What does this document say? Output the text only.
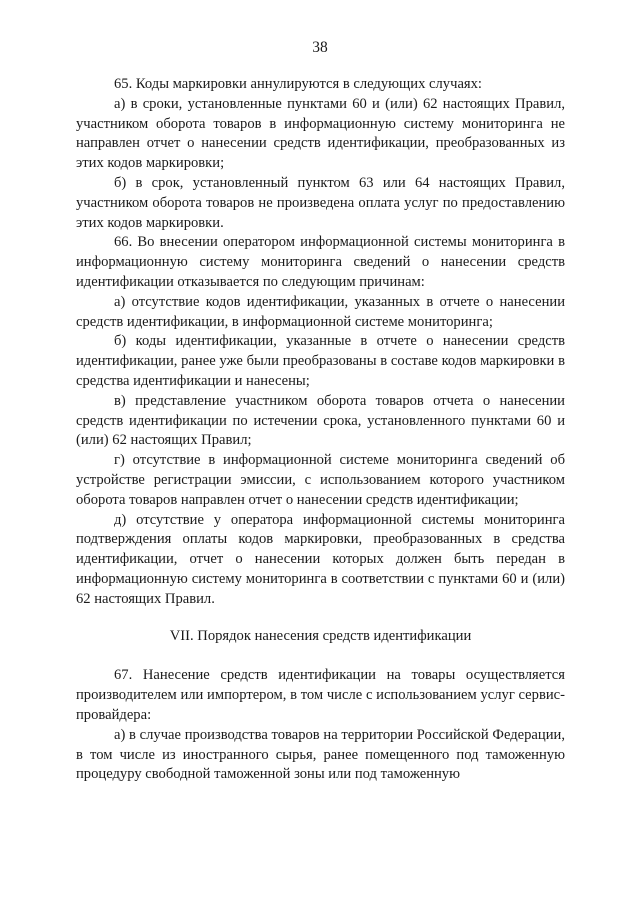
38

65. Коды маркировки аннулируются в следующих случаях:

а) в сроки, установленные пунктами 60 и (или) 62 настоящих Правил, участником оборота товаров в информационную систему мониторинга не направлен отчет о нанесении средств идентификации, преобразованных из этих кодов маркировки;

б) в срок, установленный пунктом 63 или 64 настоящих Правил, участником оборота товаров не произведена оплата услуг по предоставлению этих кодов маркировки.

66. Во внесении оператором информационной системы мониторинга в информационную систему мониторинга сведений о нанесении средств идентификации отказывается по следующим причинам:

а) отсутствие кодов идентификации, указанных в отчете о нанесении средств идентификации, в информационной системе мониторинга;

б) коды идентификации, указанные в отчете о нанесении средств идентификации, ранее уже были преобразованы в составе кодов маркировки в средства идентификации и нанесены;

в) представление участником оборота товаров отчета о нанесении средств идентификации по истечении срока, установленного пунктами 60 и (или) 62 настоящих Правил;

г) отсутствие в информационной системе мониторинга сведений об устройстве регистрации эмиссии, с использованием которого участником оборота товаров направлен отчет о нанесении средств идентификации;

д) отсутствие у оператора информационной системы мониторинга подтверждения оплаты кодов маркировки, преобразованных в средства идентификации, отчет о нанесении которых должен быть передан в информационную систему мониторинга в соответствии с пунктами 60 и (или) 62 настоящих Правил.

VII. Порядок нанесения средств идентификации

67. Нанесение средств идентификации на товары осуществляется производителем или импортером, в том числе с использованием услуг сервис-провайдера:

а) в случае производства товаров на территории Российской Федерации, в том числе из иностранного сырья, ранее помещенного под таможенную процедуру свободной таможенной зоны или под таможенную
